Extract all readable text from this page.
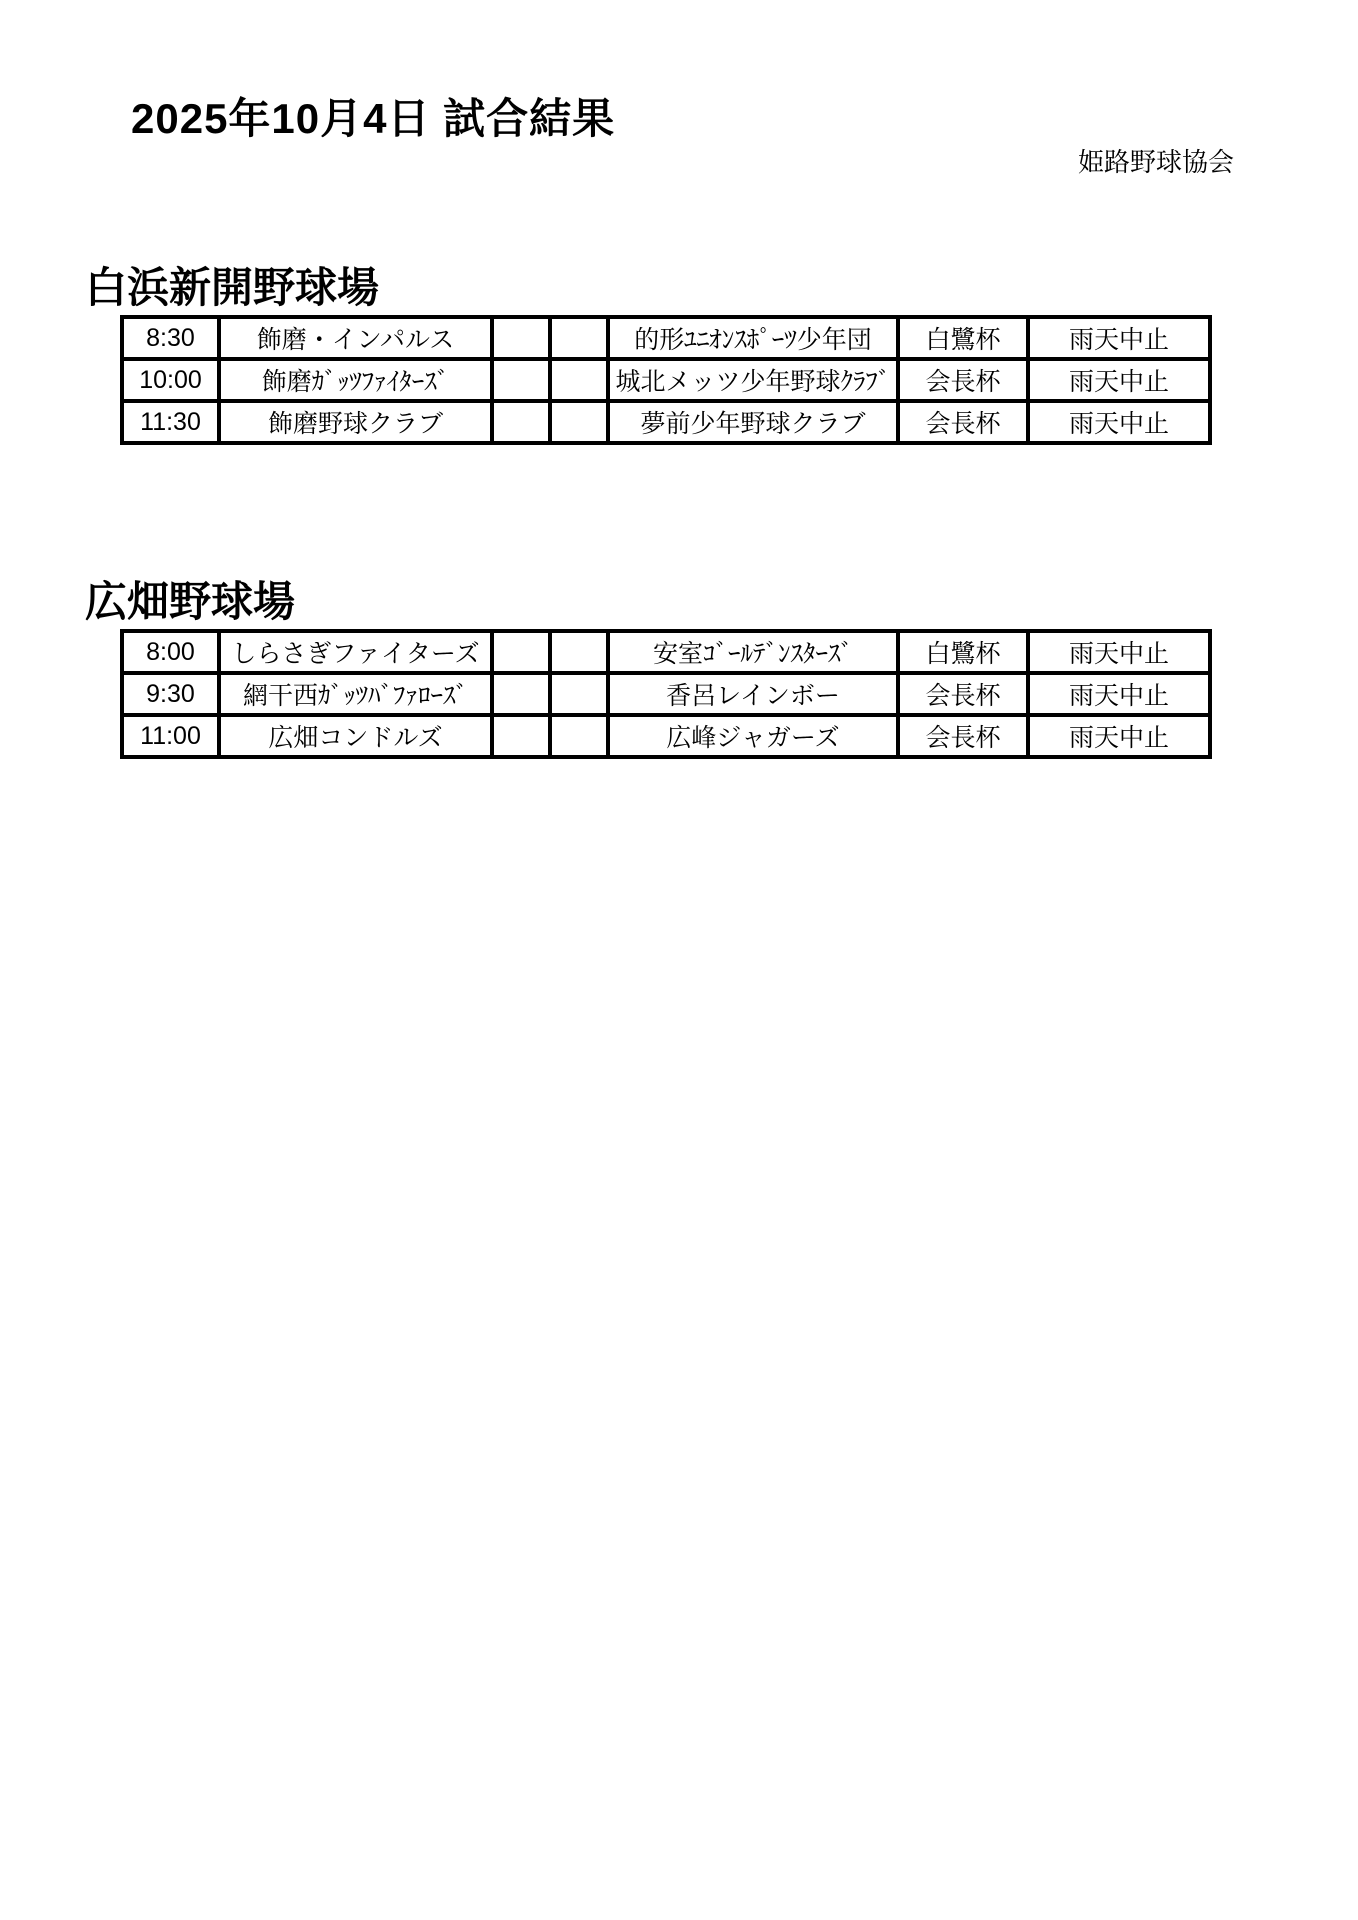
2025年10月4日 試合結果
姫路野球協会
白浜新開野球場
8:30	飾磨・インパルス			的形ﾕﾆｵﾝｽﾎﾟｰﾂ少年団	白鷺杯	雨天中止
10:00	飾磨ｶﾞｯﾂﾌｧｲﾀｰｽﾞ			城北メッツ少年野球ｸﾗﾌﾞ	会長杯	雨天中止
11:30	飾磨野球クラブ			夢前少年野球クラブ	会長杯	雨天中止
広畑野球場
8:00	しらさぎファイターズ			安室ｺﾞｰﾙﾃﾞﾝｽﾀｰｽﾞ	白鷺杯	雨天中止
9:30	網干西ｶﾞｯﾂﾊﾞﾌｧﾛｰｽﾞ			香呂レインボー	会長杯	雨天中止
11:00	広畑コンドルズ			広峰ジャガーズ	会長杯	雨天中止
